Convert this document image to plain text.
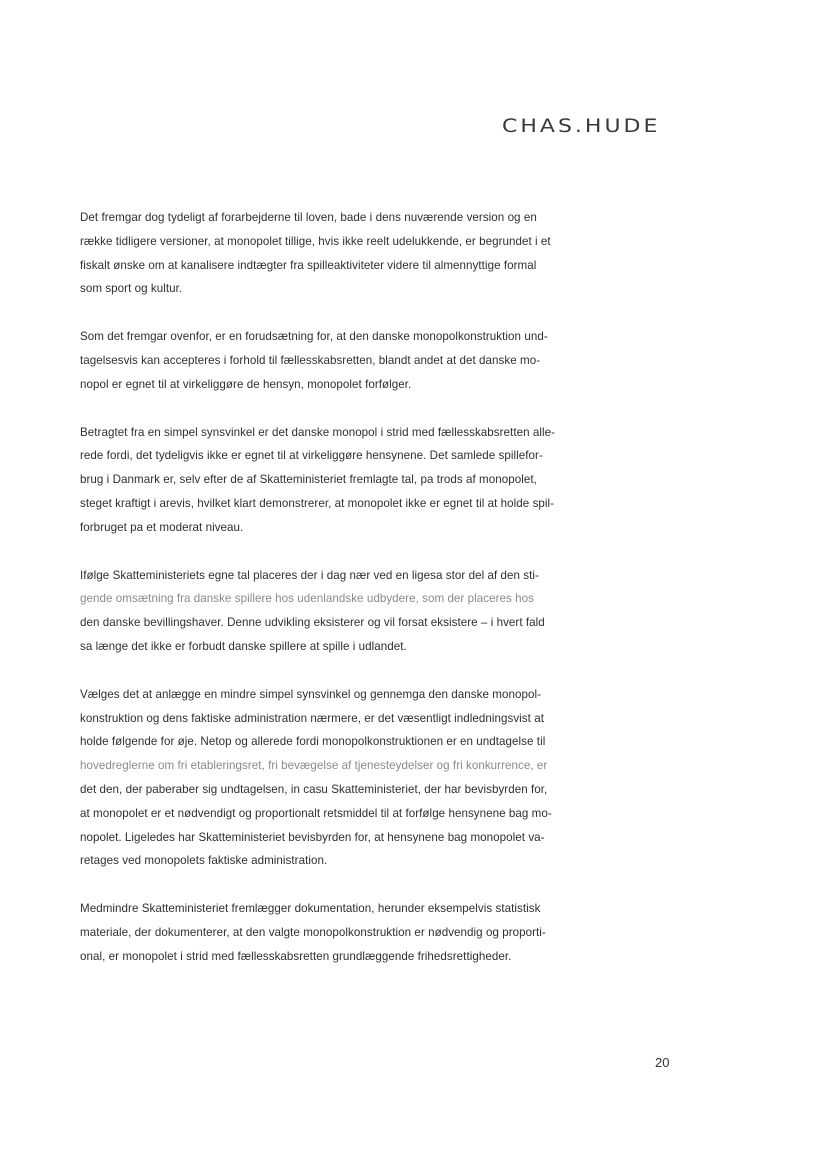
CHAS.HUDE
Det fremgar dog tydeligt af forarbejderne til loven, bade i dens nuværende version og en
række tidligere versioner, at monopolet tillige, hvis ikke reelt udelukkende, er begrundet i et
fiskalt ønske om at kanalisere indtægter fra spilleaktiviteter videre til almennyttige formal
som sport og kultur.
Som det fremgar ovenfor, er en forudsætning for, at den danske monopolkonstruktion und-
tagelsesvis kan accepteres i forhold til fællesskabsretten, blandt andet at det danske mo-
nopol er egnet til at virkeliggøre de hensyn, monopolet forfølger.
Betragtet fra en simpel synsvinkel er det danske monopol i strid med fællesskabsretten alle-
rede fordi, det tydeligvis ikke er egnet til at virkeliggøre hensynene. Det samlede spillefor-
brug i Danmark er, selv efter de af Skatteministeriet fremlagte tal, pa trods af monopolet,
steget kraftigt i arevis, hvilket klart demonstrerer, at monopolet ikke er egnet til at holde spil-
forbruget pa et moderat niveau.
Ifølge Skatteministeriets egne tal placeres der i dag nær ved en ligesa stor del af den sti-
gende omsætning fra danske spillere hos udenlandske udbydere, som der placeres hos
den danske bevillingshaver. Denne udvikling eksisterer og vil forsat eksistere – i hvert fald
sa længe det ikke er forbudt danske spillere at spille i udlandet.
Vælges det at anlægge en mindre simpel synsvinkel og gennemga den danske monopol-
konstruktion og dens faktiske administration nærmere, er det væsentligt indledningsvist at
holde følgende for øje. Netop og allerede fordi monopolkonstruktionen er en undtagelse til
hovedreglerne om fri etableringsret, fri bevægelse af tjenesteydelser og fri konkurrence, er
det den, der paberaber sig undtagelsen, in casu Skatteministeriet, der har bevisbyrden for,
at monopolet er et nødvendigt og proportionalt retsmiddel til at forfølge hensynene bag mo-
nopolet. Ligeledes har Skatteministeriet bevisbyrden for, at hensynene bag monopolet va-
retages ved monopolets faktiske administration.
Medmindre Skatteministeriet fremlægger dokumentation, herunder eksempelvis statistisk
materiale, der dokumenterer, at den valgte monopolkonstruktion er nødvendig og proporti-
onal, er monopolet i strid med fællesskabsretten grundlæggende frihedsrettigheder.
20
